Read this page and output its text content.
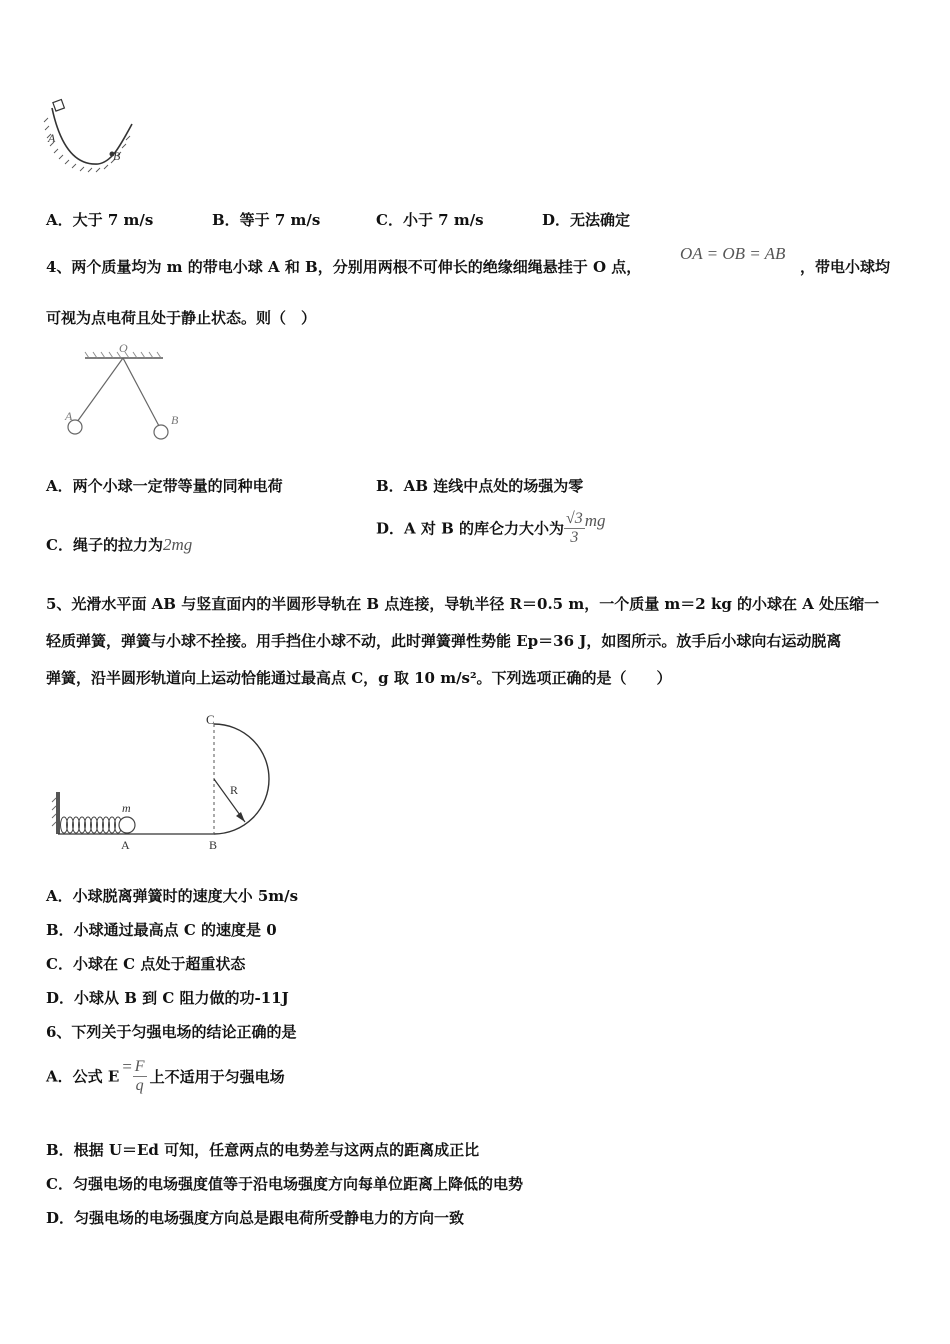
A
B
A．大于 7 m/s	B．等于 7 m/s	C．小于 7 m/s	D．无法确定
4、两个质量均为 m 的带电小球 A 和 B，分别用两根不可伸长的绝缘细绳悬挂于 O 点，
OA = OB = AB
，带电小球均
可视为点电荷且处于静止状态。则（　）
O
A	B
A．两个小球一定带等量的同种电荷	B．AB 连线中点处的场强为零
C．绳子的拉力为2mg
D．A 对 B 的库仑力大小为 $\frac{√3}{3}$ mg
5、光滑水平面 AB 与竖直面内的半圆形导轨在 B 点连接，导轨半径 R＝0.5 m，一个质量 m＝2 kg 的小球在 A 处压缩一
轻质弹簧，弹簧与小球不拴接。用手挡住小球不动，此时弹簧弹性势能 Ep＝36 J，如图所示。放手后小球向右运动脱离
弹簧，沿半圆形轨道向上运动恰能通过最高点 C，g 取 10 m/s²。下列选项正确的是（　　）
C
R
m
A	B
A．小球脱离弹簧时的速度大小 5m/s
B．小球通过最高点 C 的速度是 0
C．小球在 C 点处于超重状态
D．小球从 B 到 C 阻力做的功-11J
6、下列关于匀强电场的结论正确的是
A．公式 $E= \frac{F}{q}$ 上不适用于匀强电场
B．根据 U＝Ed 可知，任意两点的电势差与这两点的距离成正比
C．匀强电场的电场强度值等于沿电场强度方向每单位距离上降低的电势
D．匀强电场的电场强度方向总是跟电荷所受静电力的方向一致
